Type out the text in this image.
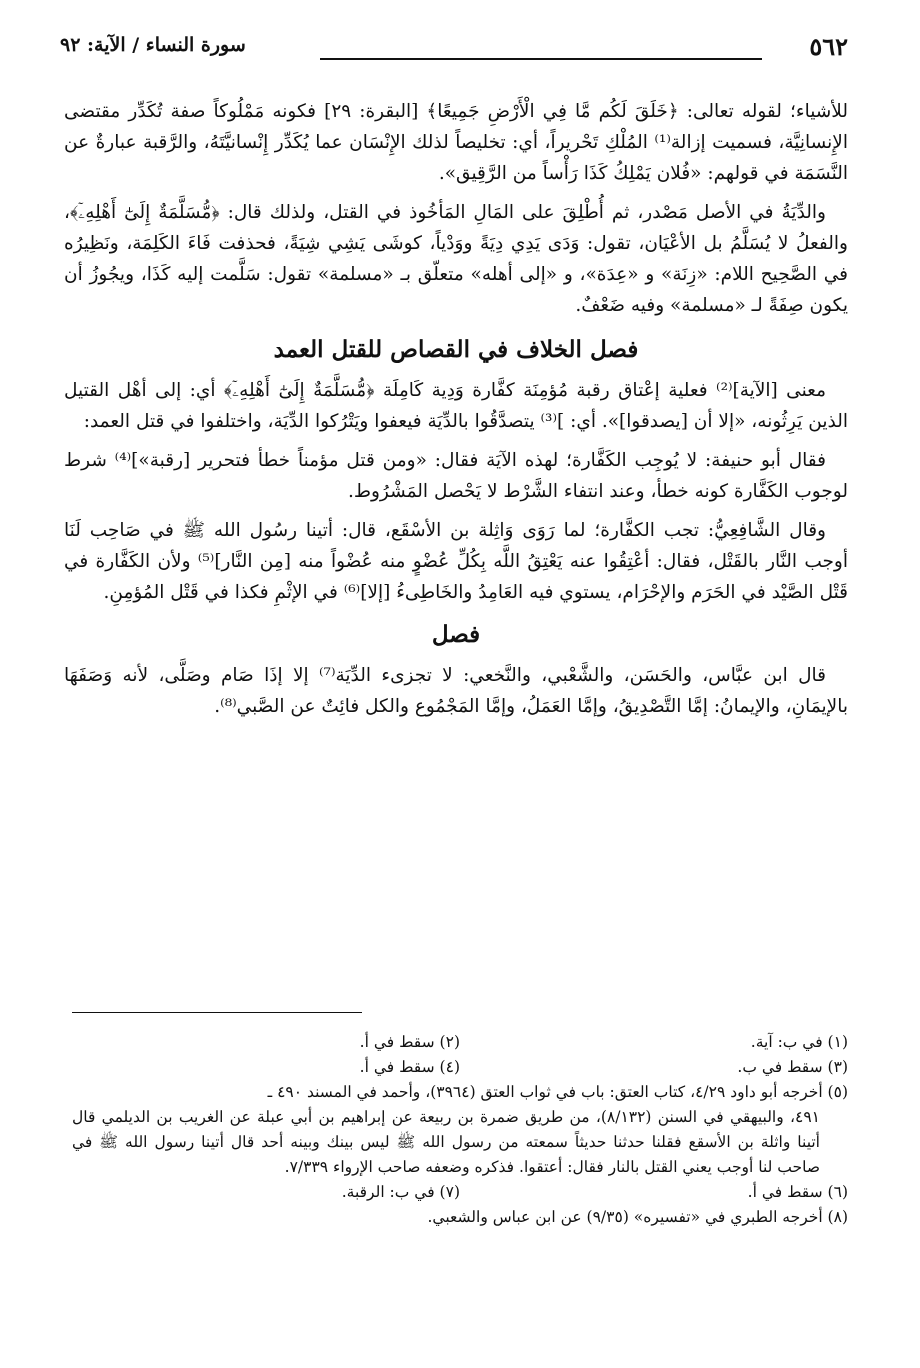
٥٦٢
سورة النساء / الآية: ٩٢

للأشياء؛ لقوله تعالى: ﴿خَلَقَ لَكُم مَّا فِي الْأَرْضِ جَمِيعًا﴾ [البقرة: ٢٩] فكونه مَمْلُوكاً صفة تُكَدِّر مقتضى الإِنسانِيَّة، فسميت إزالة⁽¹⁾ المُلْكِ تَحْريراً، أي: تخليصاً لذلك الإِنْسَان عما يُكَدِّر إِنْسانيَّتَهُ، والرَّقبة عبارةٌ عن النَّسَمَة في قولهم: «فُلان يَمْلِكُ كَذَا رَأْساً من الرَّقِيق».

والدِّيَةُ في الأصل مَصْدر، ثم أُطْلِقَ على المَالِ المَأخُوذ في القتل، ولذلك قال: ﴿مُّسَلَّمَةٌ إِلَىٰٓ أَهْلِهِۦٓ﴾، والفعلُ لا يُسَلَّمُ بل الأعْيَان، تقول: وَدَى يَدِي دِيَةً ووَدْياً، كوشَى يَشِي شِيَةً، فحذفت فَاءَ الكَلِمَة، ونَظِيرُه في الصَّحِيح اللام: «زِنَة» و «عِدَة»، و «إلى أهله» متعلّق بـ «مسلمة» تقول: سَلَّمت إليه كَذَا، ويجُوزُ أن يكون صِفَةً لـ «مسلمة» وفيه ضَعْفٌ.

فصل الخلاف في القصاص للقتل العمد

معنى [الآية]⁽²⁾ فعلية إعْتاق رقبة مُؤمِنَة كفَّارة وَدِية كَامِلَة ﴿مُّسَلَّمَةٌ إِلَىٰٓ أَهْلِهِۦٓ﴾ أي: إلى أهْل القتيل الذين يَرِثُونه، «إلا أن [يصدقوا]». أي: ]⁽³⁾ يتصدَّقُوا بالدِّيَة فيعفوا ويَتْرُكوا الدِّيَة، واختلفوا في قتل العمد:

فقال أبو حنيفة: لا يُوجِب الكَفَّارة؛ لهذه الآيَة فقال: «ومن قتل مؤمناً خطأ فتحرير [رقبة»]⁽⁴⁾ شرط لوجوب الكَفَّارة كونه خطأ، وعند انتفاء الشَّرْط لا يَحْصل المَشْرُوط.

وقال الشَّافِعِيُّ: تجب الكفَّارة؛ لما رَوَى وَاثِلة بن الأسْقَع، قال: أتينا رسُول الله ﷺ في صَاحِب لَنَا أوجب النَّار بالقَتْل، فقال: أعْتِقُوا عنه يَعْتِقُ اللَّه بِكُلِّ عُضْوٍ منه عُضْواً منه [مِن النَّار]⁽⁵⁾ ولأن الكَفَّارة في قَتْل الصَّيْد في الحَرَم والإحْرَام، يستوي فيه العَامِدُ والخَاطِىءُ [إلا]⁽⁶⁾ في الإثْمِ فكذا في قَتْل المُؤمِنِ.

فصل

قال ابن عبَّاس، والحَسَن، والشَّعْبي، والنَّخعي: لا تجزىء الدِّيَة⁽⁷⁾ إلا إذَا صَام وصَلَّى، لأنه وَصَفَهَا بالإيمَانِ، والإيمانُ: إمَّا التَّصْدِيقُ، وإمَّا العَمَلُ، وإمَّا المَجْمُوع والكل فائِتٌ عن الصَّبي⁽⁸⁾.

(١) في ب: آية.
(٢) سقط في أ.
(٣) سقط في ب.
(٤) سقط في أ.

(٥) أخرجه أبو داود ٤/٢٩، كتاب العتق: باب في ثواب العتق (٣٩٦٤)، وأحمد في المسند ٤٩٠ ـ

٤٩١، والبيهقي في السنن (٨/١٣٢)، من طريق ضمرة بن ربيعة عن إبراهيم بن أبي عبلة عن الغريب بن الديلمي قال أتينا واثلة بن الأسقع فقلنا حدثنا حديثاً سمعته من رسول الله ﷺ ليس بينك وبينه أحد قال أتينا رسول الله ﷺ في صاحب لنا أوجب يعني القتل بالنار فقال: أعتقوا. فذكره وضعفه صاحب الإرواء ٧/٣٣٩.

(٦) سقط في أ.
(٧) في ب: الرقبة.

(٨) أخرجه الطبري في «تفسيره» (٩/٣٥) عن ابن عباس والشعبي.
